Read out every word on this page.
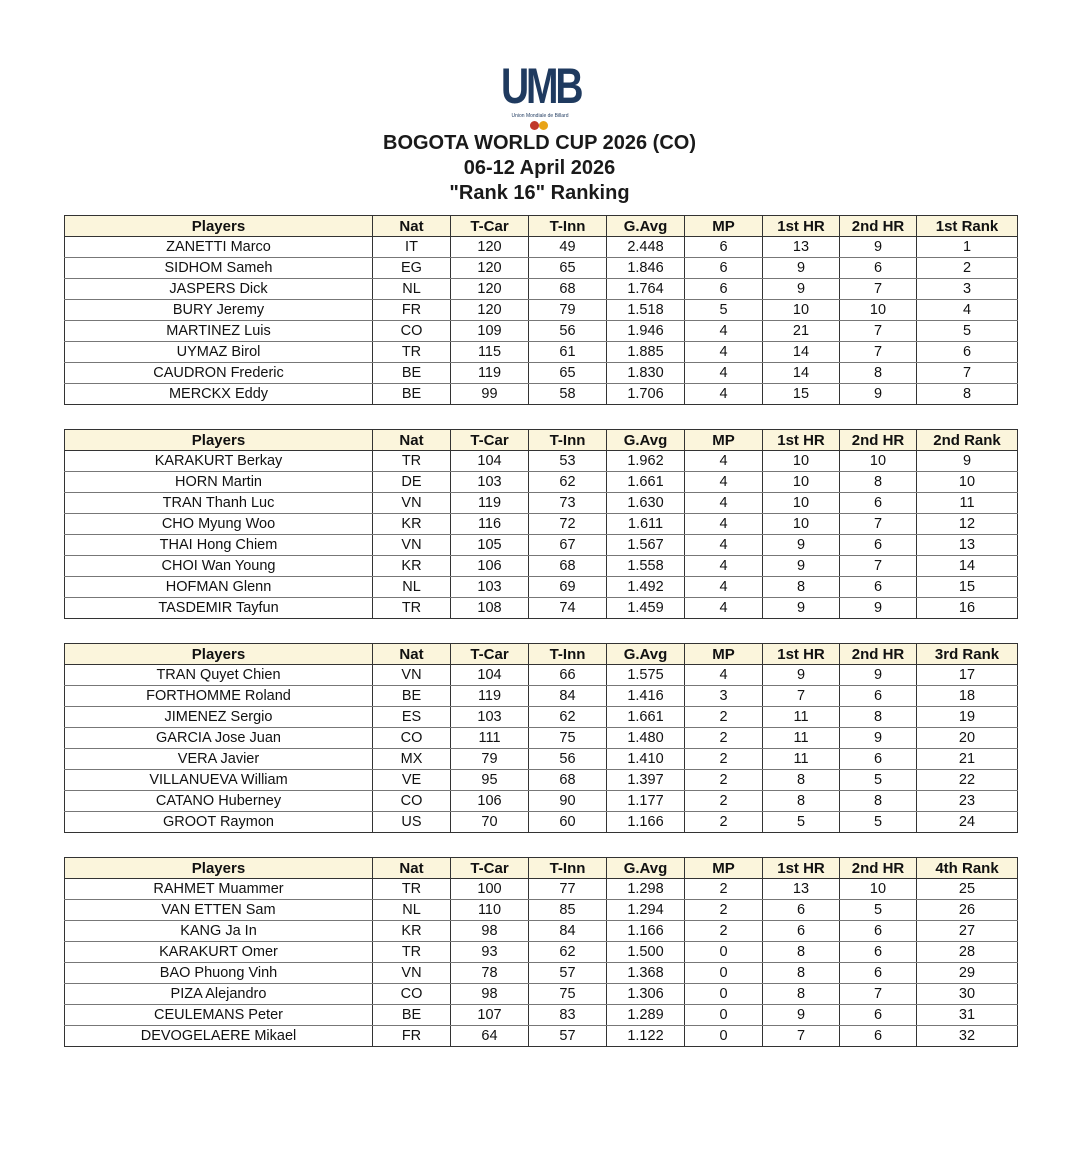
UMB
Union Mondiale de Billard
BOGOTA WORLD CUP 2026 (CO)
06-12 April 2026
"Rank 16" Ranking
Players	Nat	T-Car	T-Inn	G.Avg	MP	1st HR	2nd HR	1st Rank
ZANETTI Marco	IT	120	49	2.448	6	13	9	1
SIDHOM Sameh	EG	120	65	1.846	6	9	6	2
JASPERS Dick	NL	120	68	1.764	6	9	7	3
BURY Jeremy	FR	120	79	1.518	5	10	10	4
MARTINEZ Luis	CO	109	56	1.946	4	21	7	5
UYMAZ Birol	TR	115	61	1.885	4	14	7	6
CAUDRON Frederic	BE	119	65	1.830	4	14	8	7
MERCKX Eddy	BE	99	58	1.706	4	15	9	8
Players	Nat	T-Car	T-Inn	G.Avg	MP	1st HR	2nd HR	2nd Rank
KARAKURT Berkay	TR	104	53	1.962	4	10	10	9
HORN Martin	DE	103	62	1.661	4	10	8	10
TRAN Thanh Luc	VN	119	73	1.630	4	10	6	11
CHO Myung Woo	KR	116	72	1.611	4	10	7	12
THAI Hong Chiem	VN	105	67	1.567	4	9	6	13
CHOI Wan Young	KR	106	68	1.558	4	9	7	14
HOFMAN Glenn	NL	103	69	1.492	4	8	6	15
TASDEMIR Tayfun	TR	108	74	1.459	4	9	9	16
Players	Nat	T-Car	T-Inn	G.Avg	MP	1st HR	2nd HR	3rd Rank
TRAN Quyet Chien	VN	104	66	1.575	4	9	9	17
FORTHOMME Roland	BE	119	84	1.416	3	7	6	18
JIMENEZ Sergio	ES	103	62	1.661	2	11	8	19
GARCIA Jose Juan	CO	111	75	1.480	2	11	9	20
VERA Javier	MX	79	56	1.410	2	11	6	21
VILLANUEVA William	VE	95	68	1.397	2	8	5	22
CATANO Huberney	CO	106	90	1.177	2	8	8	23
GROOT Raymon	US	70	60	1.166	2	5	5	24
Players	Nat	T-Car	T-Inn	G.Avg	MP	1st HR	2nd HR	4th Rank
RAHMET Muammer	TR	100	77	1.298	2	13	10	25
VAN ETTEN Sam	NL	110	85	1.294	2	6	5	26
KANG Ja In	KR	98	84	1.166	2	6	6	27
KARAKURT Omer	TR	93	62	1.500	0	8	6	28
BAO Phuong Vinh	VN	78	57	1.368	0	8	6	29
PIZA Alejandro	CO	98	75	1.306	0	8	7	30
CEULEMANS Peter	BE	107	83	1.289	0	9	6	31
DEVOGELAERE Mikael	FR	64	57	1.122	0	7	6	32
